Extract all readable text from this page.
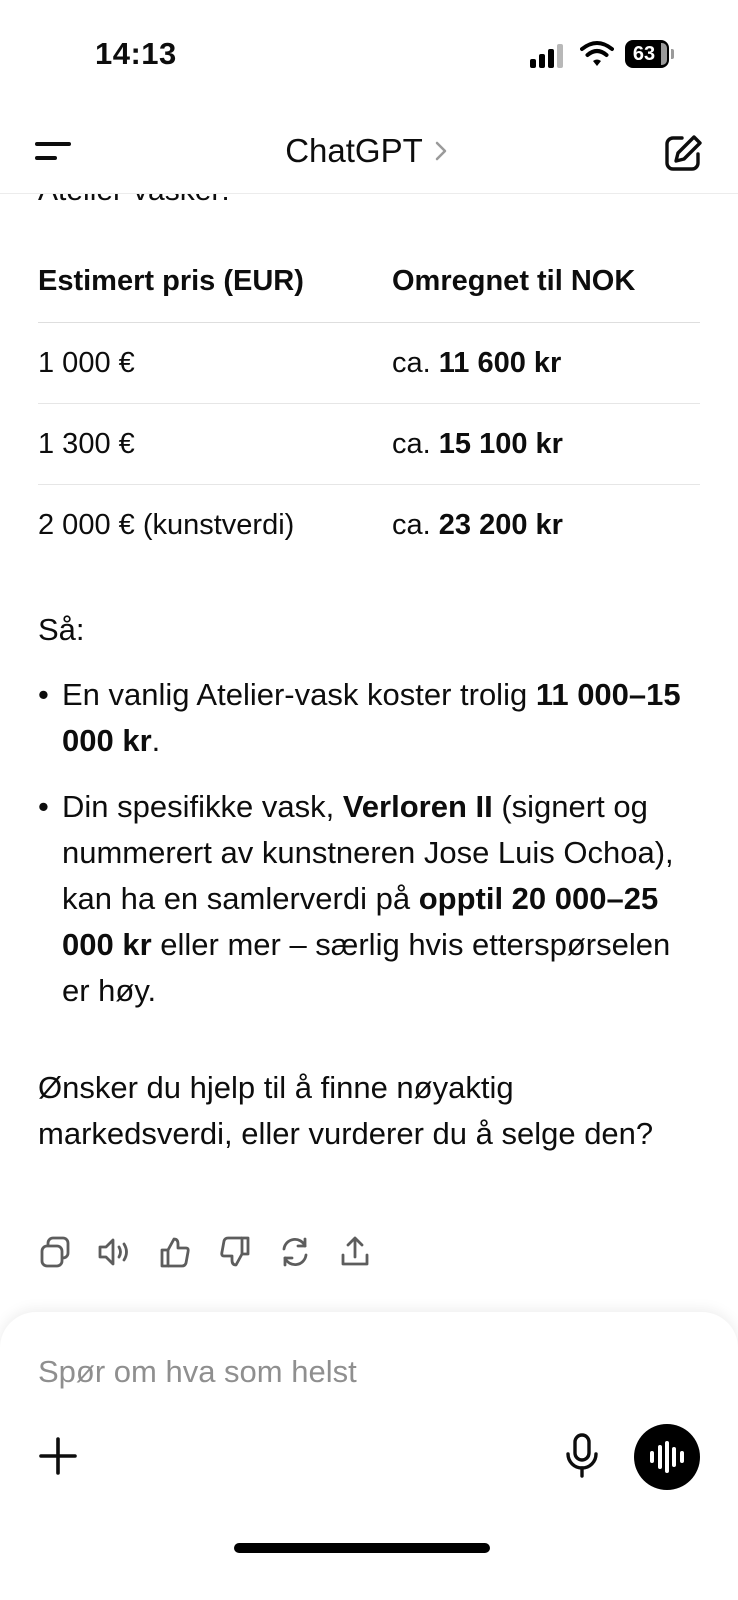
14:13	63
ChatGPT
Estimert pris (EUR)	Omregnet til NOK
1 000 €	ca. 11 600 kr
1 300 €	ca. 15 100 kr
2 000 € (kunstverdi)	ca. 23 200 kr
Så:
• En vanlig Atelier-vask koster trolig 11 000–15 000 kr.
• Din spesifikke vask, Verloren II (signert og nummerert av kunstneren Jose Luis Ochoa), kan ha en samlerverdi på opptil 20 000–25 000 kr eller mer – særlig hvis etterspørselen er høy.
Ønsker du hjelp til å finne nøyaktig markedsverdi, eller vurderer du å selge den?
Spør om hva som helst
